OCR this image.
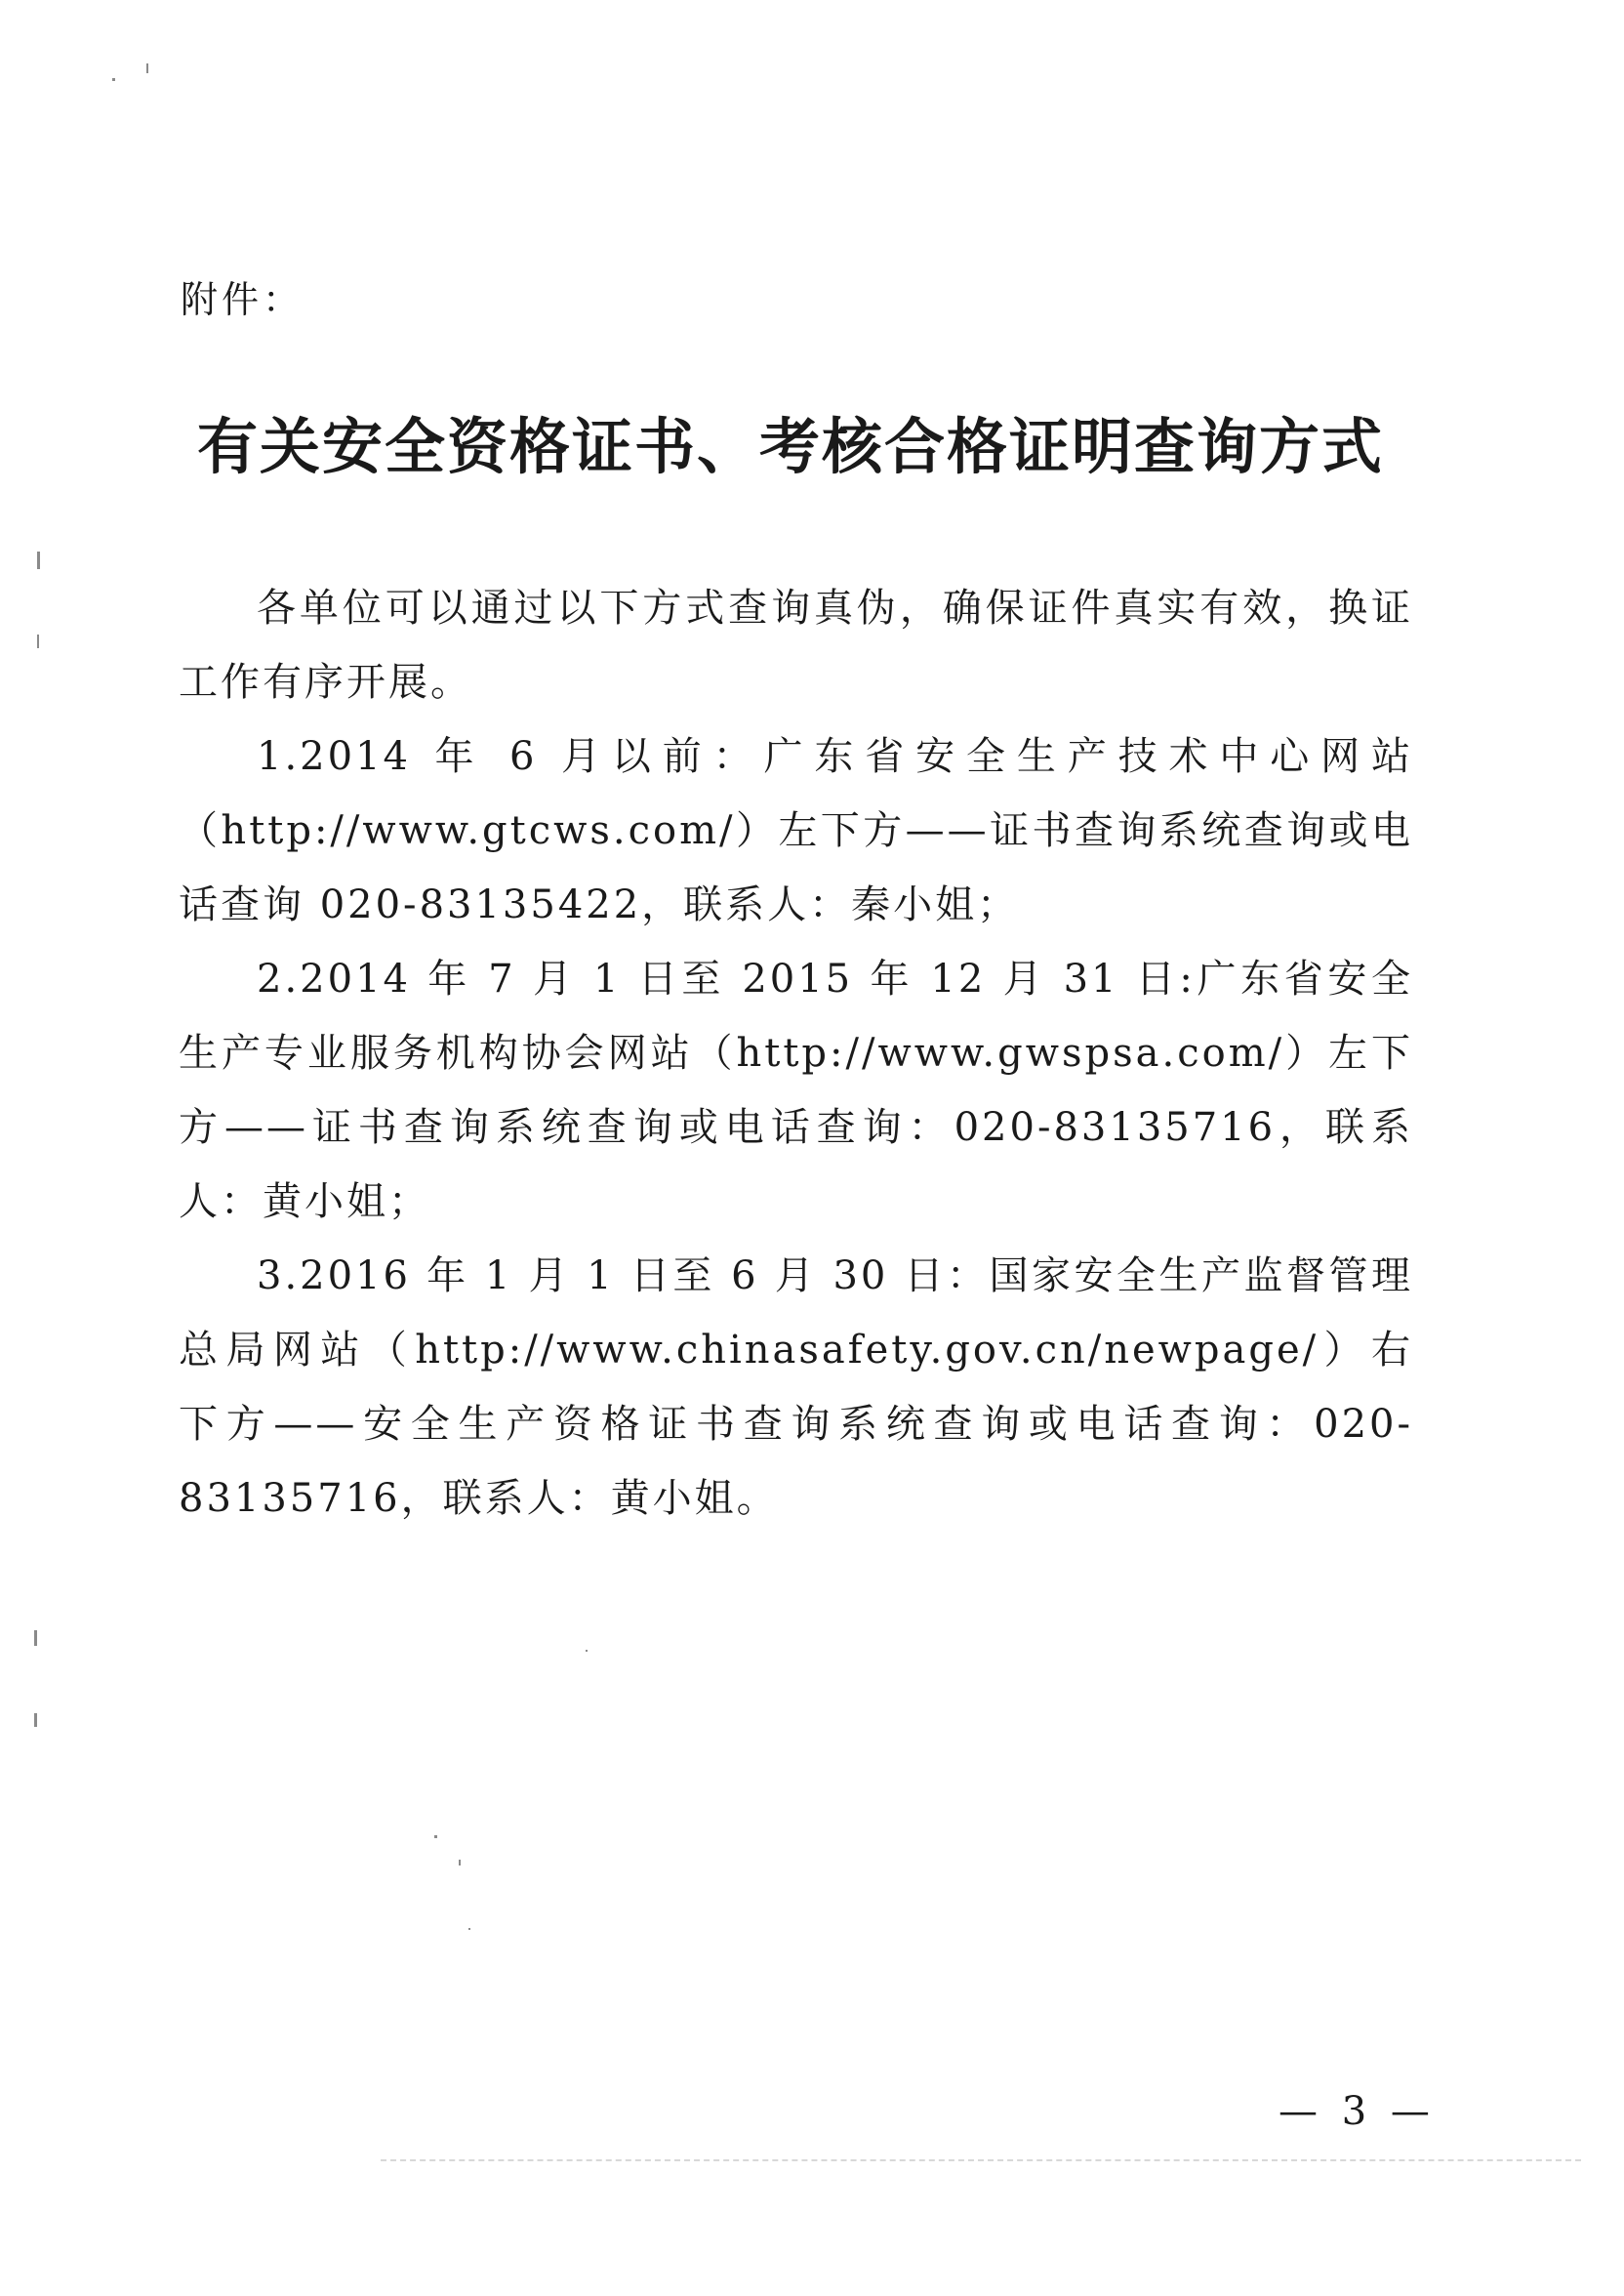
附件：
有关安全资格证书、考核合格证明查询方式

各单位可以通过以下方式查询真伪，确保证件真实有效，换证工作有序开展。

1.2014 年 6 月以前：广东省安全生产技术中心网站（http://www.gtcws.com/）左下方——证书查询系统查询或电话查询 020-83135422，联系人：秦小姐；

2.2014 年 7 月 1 日至 2015 年 12 月 31 日:广东省安全生产专业服务机构协会网站（http://www.gwspsa.com/）左下方——证书查询系统查询或电话查询：020-83135716，联系人：黄小姐；

3.2016 年 1 月 1 日至 6 月 30 日：国家安全生产监督管理总局网站（http://www.chinasafety.gov.cn/newpage/）右下方——安全生产资格证书查询系统查询或电话查询：020-83135716，联系人：黄小姐。

— 3 —
